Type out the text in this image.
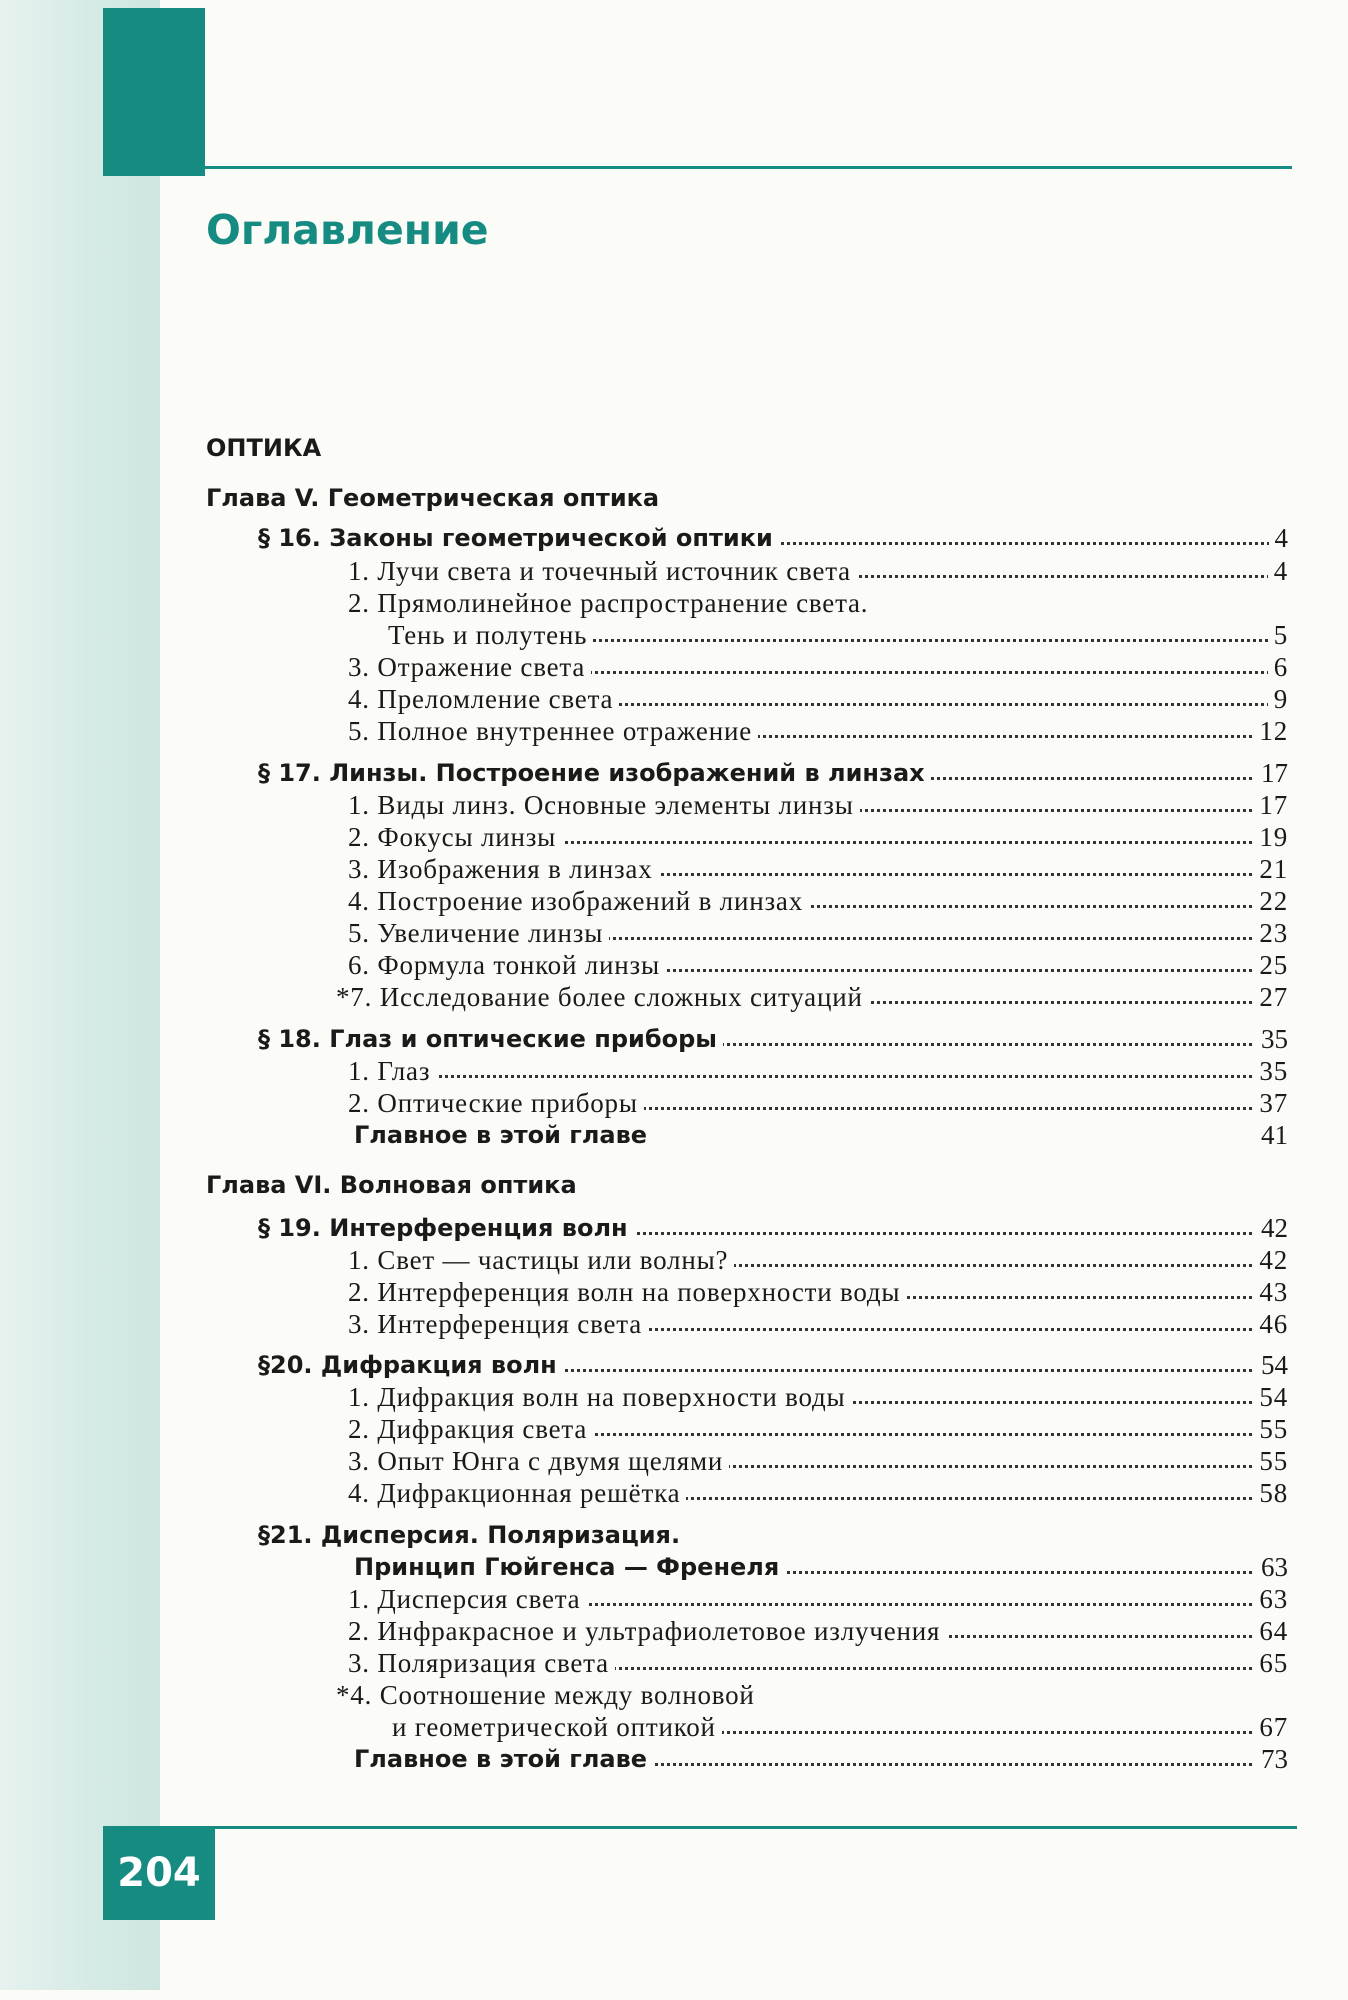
Оглавление
ОПТИКА
Глава V. Геометрическая оптика
§ 16. Законы геометрической оптики	4
1. Лучи света и точечный источник света	4
2. Прямолинейное распространение света.
Тень и полутень	5
3. Отражение света	6
4. Преломление света	9
5. Полное внутреннее отражение	12
§ 17. Линзы. Построение изображений в линзах	17
1. Виды линз. Основные элементы линзы	17
2. Фокусы линзы	19
3. Изображения в линзах	21
4. Построение изображений в линзах	22
5. Увеличение линзы	23
6. Формула тонкой линзы	25
*7. Исследование более сложных ситуаций	27
§ 18. Глаз и оптические приборы	35
1. Глаз	35
2. Оптические приборы	37
Главное в этой главе	41
Глава VI. Волновая оптика
§ 19. Интерференция волн	42
1. Свет — частицы или волны?	42
2. Интерференция волн на поверхности воды	43
3. Интерференция света	46
§20. Дифракция волн	54
1. Дифракция волн на поверхности воды	54
2. Дифракция света	55
3. Опыт Юнга с двумя щелями	55
4. Дифракционная решётка	58
§21. Дисперсия. Поляризация.
Принцип Гюйгенса — Френеля	63
1. Дисперсия света	63
2. Инфракрасное и ультрафиолетовое излучения	64
3. Поляризация света	65
*4. Соотношение между волновой
и геометрической оптикой	67
Главное в этой главе	73
204
